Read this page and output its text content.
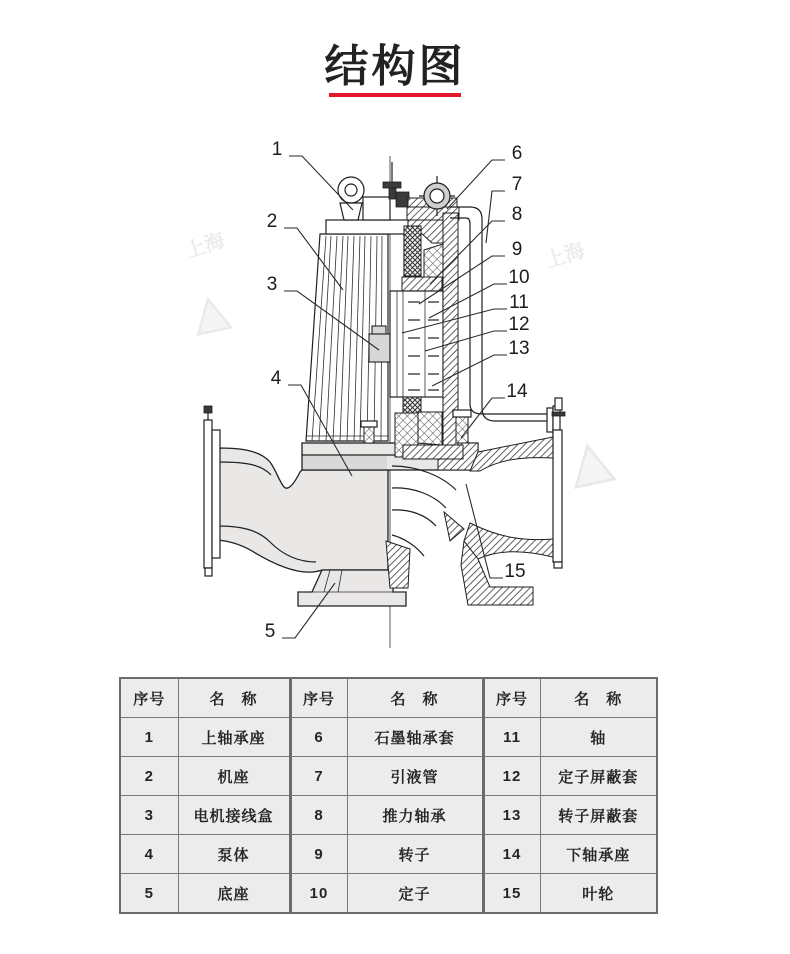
结构图
上海	上海
1
2
3
4
5
6
7
8
9
10
11
12
13
14
15
序号	名　称	序号	名　称	序号	名　称
1	上轴承座	6	石墨轴承套	11	轴
2	机座	7	引液管	12	定子屏蔽套
3	电机接线盒	8	推力轴承	13	转子屏蔽套
4	泵体	9	转子	14	下轴承座
5	底座	10	定子	15	叶轮
